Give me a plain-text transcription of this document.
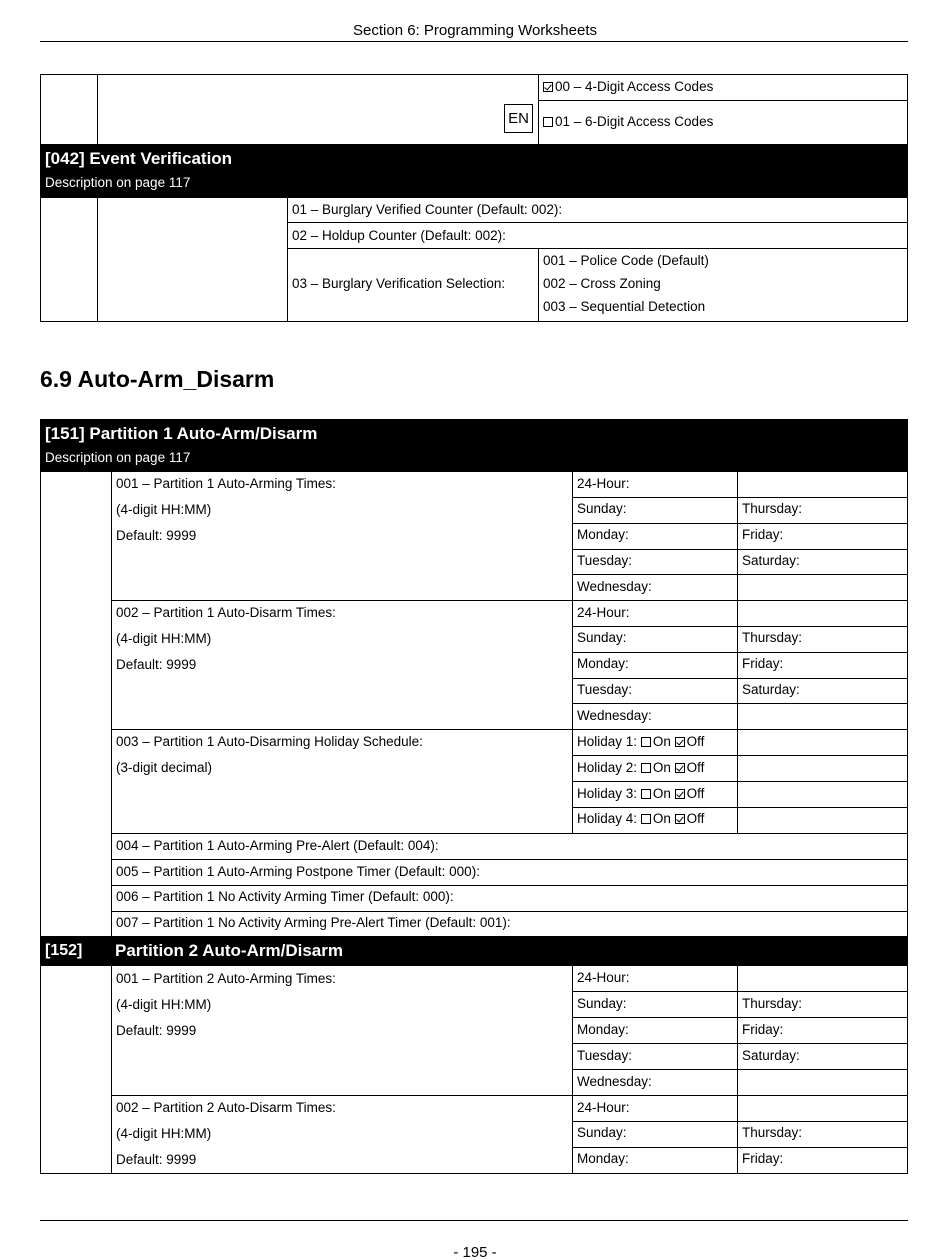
Section 6: Programming Worksheets
00 – 4-Digit Access Codes
01 – 6-Digit Access Codes
EN
[042] Event Verification
Description on page 117
01 – Burglary Verified Counter (Default: 002):
02 – Holdup Counter (Default: 002):
03 – Burglary Verification Selection:
001 – Police Code (Default)
002 – Cross Zoning
003 – Sequential Detection
6.9 Auto-Arm_Disarm
[151] Partition 1 Auto-Arm/Disarm
Description on page 117
001 – Partition 1 Auto-Arming Times:
(4-digit HH:MM)
Default: 9999
24-Hour:
Sunday:
Monday:
Tuesday:
Wednesday:
Thursday:
Friday:
Saturday:
002 – Partition 1 Auto-Disarm Times:
(4-digit HH:MM)
Default: 9999
24-Hour:
Sunday:
Monday:
Tuesday:
Wednesday:
Thursday:
Friday:
Saturday:
003 – Partition 1 Auto-Disarming Holiday Schedule:
(3-digit decimal)
Holiday 1: On Off
Holiday 2: On Off
Holiday 3: On Off
Holiday 4: On Off
004 – Partition 1 Auto-Arming Pre-Alert (Default: 004):
005 – Partition 1 Auto-Arming Postpone Timer (Default: 000):
006 – Partition 1 No Activity Arming Timer (Default: 000):
007 – Partition 1 No Activity Arming Pre-Alert Timer (Default: 001):
[152] Partition 2 Auto-Arm/Disarm
001 – Partition 2 Auto-Arming Times:
(4-digit HH:MM)
Default: 9999
24-Hour:
Sunday:
Monday:
Tuesday:
Wednesday:
Thursday:
Friday:
Saturday:
002 – Partition 2 Auto-Disarm Times:
(4-digit HH:MM)
Default: 9999
24-Hour:
Sunday:
Monday:
Thursday:
Friday:
- 195 -
